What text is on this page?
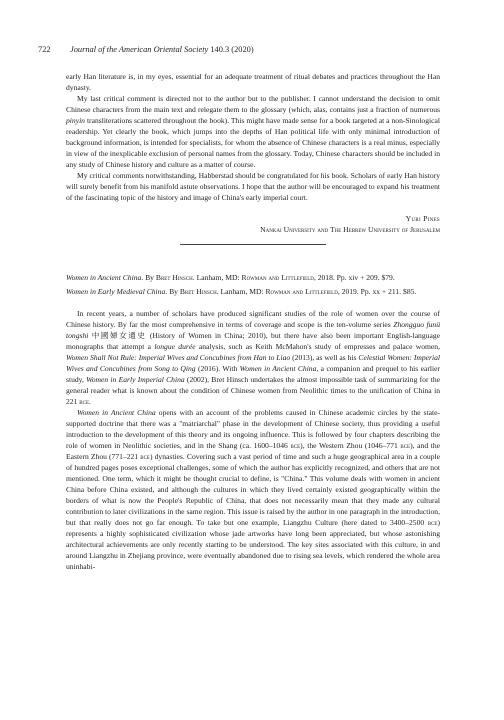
722 Journal of the American Oriental Society 140.3 (2020)

early Han literature is, in my eyes, essential for an adequate treatment of ritual debates and practices throughout the Han dynasty.

My last critical comment is directed not to the author but to the publisher. I cannot understand the decision to omit Chinese characters from the main text and relegate them to the glossary (which, alas, contains just a fraction of numerous pinyin transliterations scattered throughout the book). This might have made sense for a book targeted at a non-Sinological readership. Yet clearly the book, which jumps into the depths of Han political life with only minimal introduction of background information, is intended for specialists, for whom the absence of Chinese characters is a real minus, especially in view of the inexplicable exclusion of personal names from the glossary. Today, Chinese characters should be included in any study of Chinese history and culture as a matter of course.

My critical comments notwithstanding, Habberstad should be congratulated for his book. Scholars of early Han history will surely benefit from his manifold astute observations. I hope that the author will be encouraged to expand his treatment of the fascinating topic of the history and image of China's early imperial court.

Yuri Pines
Nankai University and The Hebrew University of Jerusalem

Women in Ancient China. By Bret Hinsch. Lanham, MD: Rowman and Littlefield, 2018. Pp. xiv + 209. $79.

Women in Early Medieval China. By Bret Hinsch. Lanham, MD: Rowman and Littlefield, 2019. Pp. xx + 211. $85.

In recent years, a number of scholars have produced significant studies of the role of women over the course of Chinese history. By far the most comprehensive in terms of coverage and scope is the ten-volume series Zhongguo funü tongshi 中國婦女通史 (History of Women in China; 2010), but there have also been important English-language monographs that attempt a longue durée analysis, such as Keith McMahon's study of empresses and palace women, Women Shall Not Rule: Imperial Wives and Concubines from Han to Liao (2013), as well as his Celestial Women: Imperial Wives and Concubines from Song to Qing (2016). With Women in Ancient China, a companion and prequel to his earlier study, Women in Early Imperial China (2002), Bret Hinsch undertakes the almost impossible task of summarizing for the general reader what is known about the condition of Chinese women from Neolithic times to the unification of China in 221 bce.

Women in Ancient China opens with an account of the problems caused in Chinese academic circles by the state-supported doctrine that there was a "matriarchal" phase in the development of Chinese society, thus providing a useful introduction to the development of this theory and its ongoing influence. This is followed by four chapters describing the role of women in Neolithic societies, and in the Shang (ca. 1600–1046 bce), the Western Zhou (1046–771 bce), and the Eastern Zhou (771–221 bce) dynasties. Covering such a vast period of time and such a huge geographical area in a couple of hundred pages poses exceptional challenges, some of which the author has explicitly recognized, and others that are not mentioned. One term, which it might be thought crucial to define, is "China." This volume deals with women in ancient China before China existed, and although the cultures in which they lived certainly existed geographically within the borders of what is now the People's Republic of China, that does not necessarily mean that they made any cultural contribution to later civilizations in the same region. This issue is raised by the author in one paragraph in the introduction, but that really does not go far enough. To take but one example, Liangzhu Culture (here dated to 3400–2500 bce) represents a highly sophisticated civilization whose jade artworks have long been appreciated, but whose astonishing architectural achievements are only recently starting to be understood. The key sites associated with this culture, in and around Liangzhu in Zhejiang province, were eventually abandoned due to rising sea levels, which rendered the whole area uninhabi-
